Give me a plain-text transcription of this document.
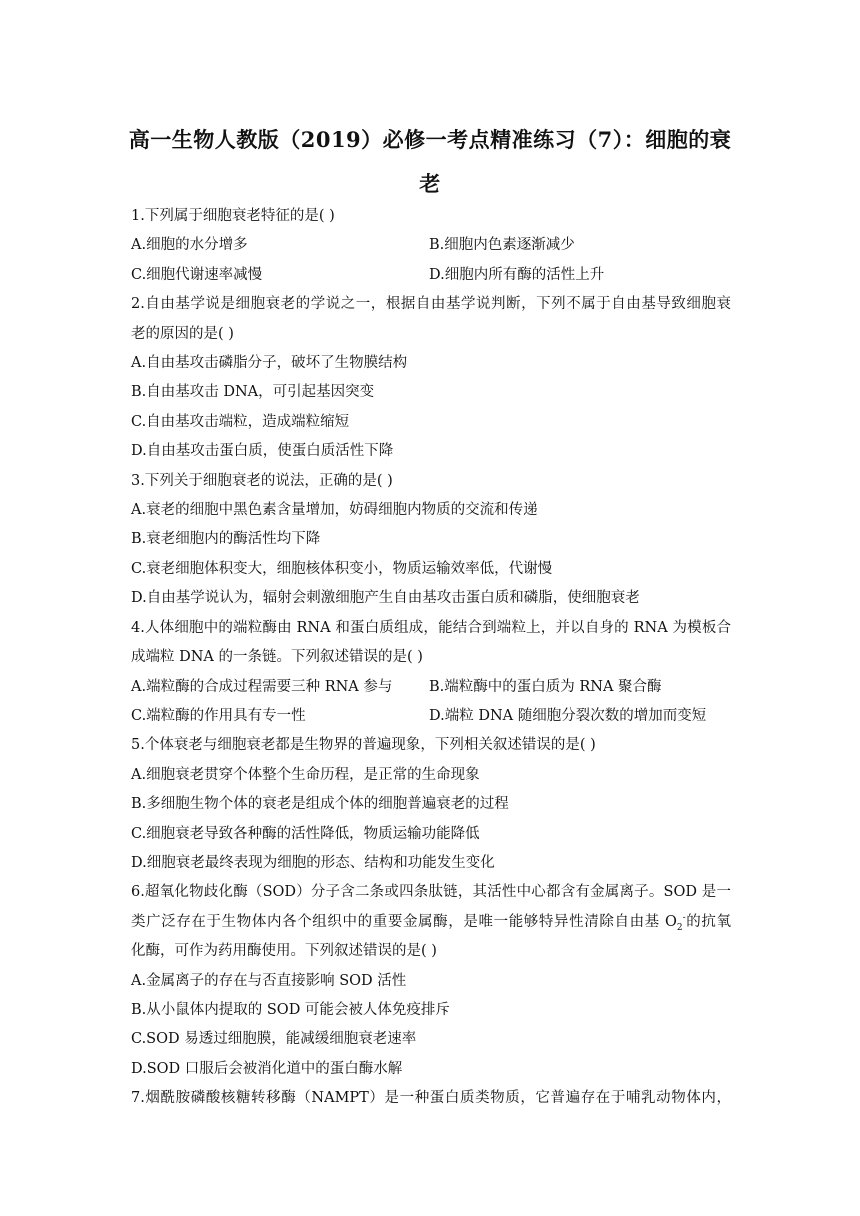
高一生物人教版（2019）必修一考点精准练习（7）：细胞的衰
老
1.下列属于细胞衰老特征的是( )
A.细胞的水分增多	B.细胞内色素逐渐减少
C.细胞代谢速率减慢	D.细胞内所有酶的活性上升
2.自由基学说是细胞衰老的学说之一，根据自由基学说判断，下列不属于自由基导致细胞衰
老的原因的是( )
A.自由基攻击磷脂分子，破坏了生物膜结构
B.自由基攻击 DNA，可引起基因突变
C.自由基攻击端粒，造成端粒缩短
D.自由基攻击蛋白质，使蛋白质活性下降
3.下列关于细胞衰老的说法，正确的是( )
A.衰老的细胞中黑色素含量增加，妨碍细胞内物质的交流和传递
B.衰老细胞内的酶活性均下降
C.衰老细胞体积变大，细胞核体积变小，物质运输效率低，代谢慢
D.自由基学说认为，辐射会刺激细胞产生自由基攻击蛋白质和磷脂，使细胞衰老
4.人体细胞中的端粒酶由 RNA 和蛋白质组成，能结合到端粒上，并以自身的 RNA 为模板合
成端粒 DNA 的一条链。下列叙述错误的是( )
A.端粒酶的合成过程需要三种 RNA 参与	B.端粒酶中的蛋白质为 RNA 聚合酶
C.端粒酶的作用具有专一性	D.端粒 DNA 随细胞分裂次数的增加而变短
5.个体衰老与细胞衰老都是生物界的普遍现象，下列相关叙述错误的是( )
A.细胞衰老贯穿个体整个生命历程，是正常的生命现象
B.多细胞生物个体的衰老是组成个体的细胞普遍衰老的过程
C.细胞衰老导致各种酶的活性降低，物质运输功能降低
D.细胞衰老最终表现为细胞的形态、结构和功能发生变化
6.超氧化物歧化酶（SOD）分子含二条或四条肽链，其活性中心都含有金属离子。SOD 是一
类广泛存在于生物体内各个组织中的重要金属酶，是唯一能够特异性清除自由基 $O_2^-$的抗氧
化酶，可作为药用酶使用。下列叙述错误的是( )
A.金属离子的存在与否直接影响 SOD 活性
B.从小鼠体内提取的 SOD 可能会被人体免疫排斥
C.SOD 易透过细胞膜，能减缓细胞衰老速率
D.SOD 口服后会被消化道中的蛋白酶水解
7.烟酰胺磷酸核糖转移酶（NAMPT）是一种蛋白质类物质，它普遍存在于哺乳动物体内，
